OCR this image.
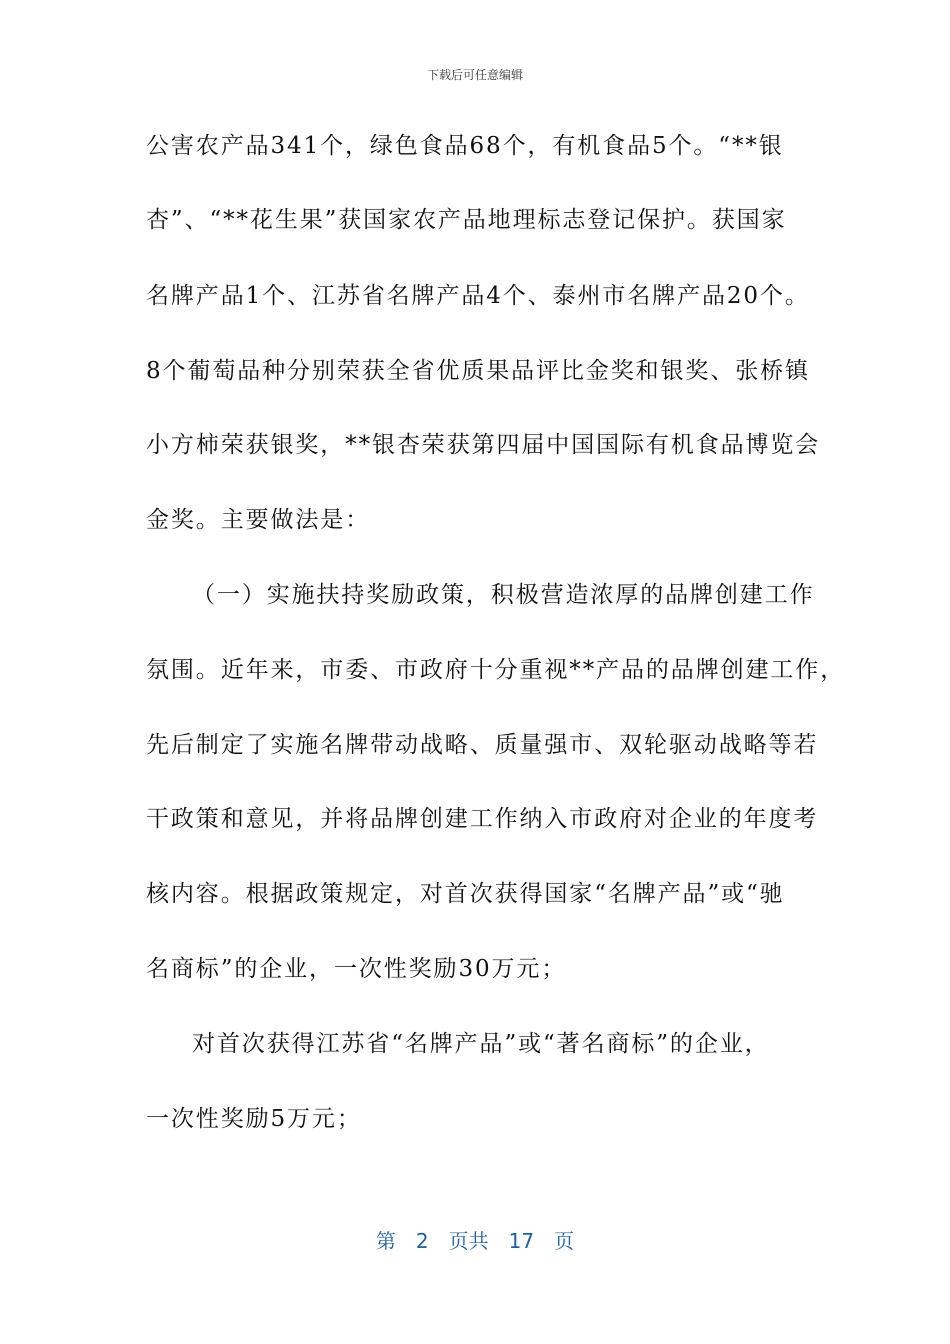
下载后可任意编辑
公害农产品341个，绿色食品68个，有机食品5个。“**银
杏”、“**花生果”获国家农产品地理标志登记保护。获国家
名牌产品1个、江苏省名牌产品4个、泰州市名牌产品20个。
8个葡萄品种分别荣获全省优质果品评比金奖和银奖、张桥镇
小方柿荣获银奖，**银杏荣获第四届中国国际有机食品博览会
金奖。主要做法是：
（一）实施扶持奖励政策，积极营造浓厚的品牌创建工作
氛围。近年来，市委、市政府十分重视**产品的品牌创建工作，
先后制定了实施名牌带动战略、质量强市、双轮驱动战略等若
干政策和意见，并将品牌创建工作纳入市政府对企业的年度考
核内容。根据政策规定，对首次获得国家“名牌产品”或“驰
名商标”的企业，一次性奖励30万元；
对首次获得江苏省“名牌产品”或“著名商标”的企业，
一次性奖励5万元；
第 2 页共 17 页
